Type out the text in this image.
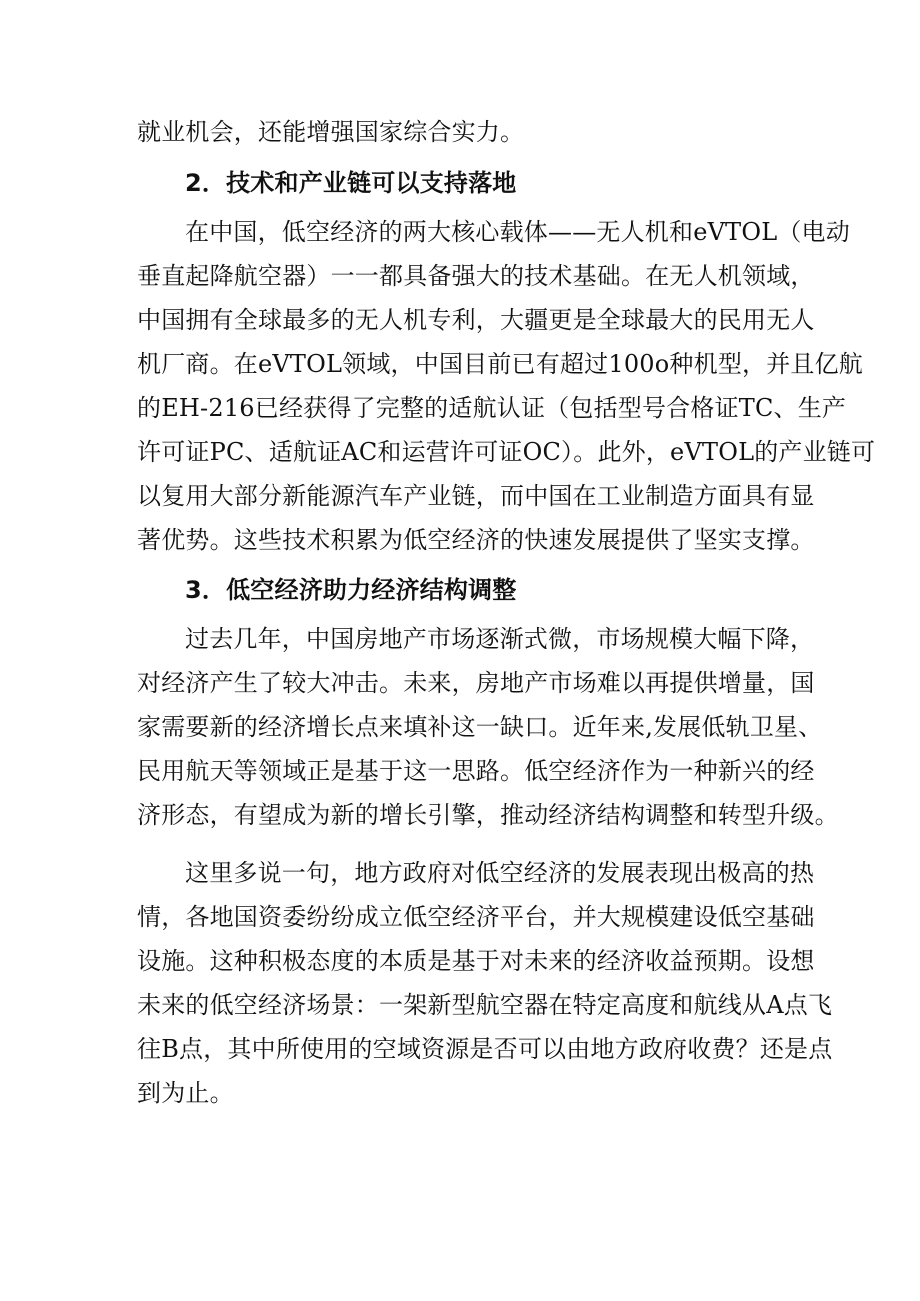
就业机会，还能增强国家综合实力。
2．技术和产业链可以支持落地
在中国，低空经济的两大核心载体——无人机和eVTOL（电动
垂直起降航空器）一一都具备强大的技术基础。在无人机领域，
中国拥有全球最多的无人机专利，大疆更是全球最大的民用无人
机厂商。在eVTOL领域，中国目前已有超过100o种机型，并且亿航
的EH-216已经获得了完整的适航认证（包括型号合格证TC、生产
许可证PC、适航证AC和运营许可证OC）。此外，eVTOL的产业链可
以复用大部分新能源汽车产业链，而中国在工业制造方面具有显
著优势。这些技术积累为低空经济的快速发展提供了坚实支撑。
3．低空经济助力经济结构调整
过去几年，中国房地产市场逐渐式微，市场规模大幅下降，
对经济产生了较大冲击。未来，房地产市场难以再提供增量，国
家需要新的经济增长点来填补这一缺口。近年来,发展低轨卫星、
民用航天等领域正是基于这一思路。低空经济作为一种新兴的经
济形态，有望成为新的增长引擎，推动经济结构调整和转型升级。
这里多说一句，地方政府对低空经济的发展表现出极高的热
情，各地国资委纷纷成立低空经济平台，并大规模建设低空基础
设施。这种积极态度的本质是基于对未来的经济收益预期。设想
未来的低空经济场景：一架新型航空器在特定高度和航线从A点飞
往B点，其中所使用的空域资源是否可以由地方政府收费？还是点
到为止。
